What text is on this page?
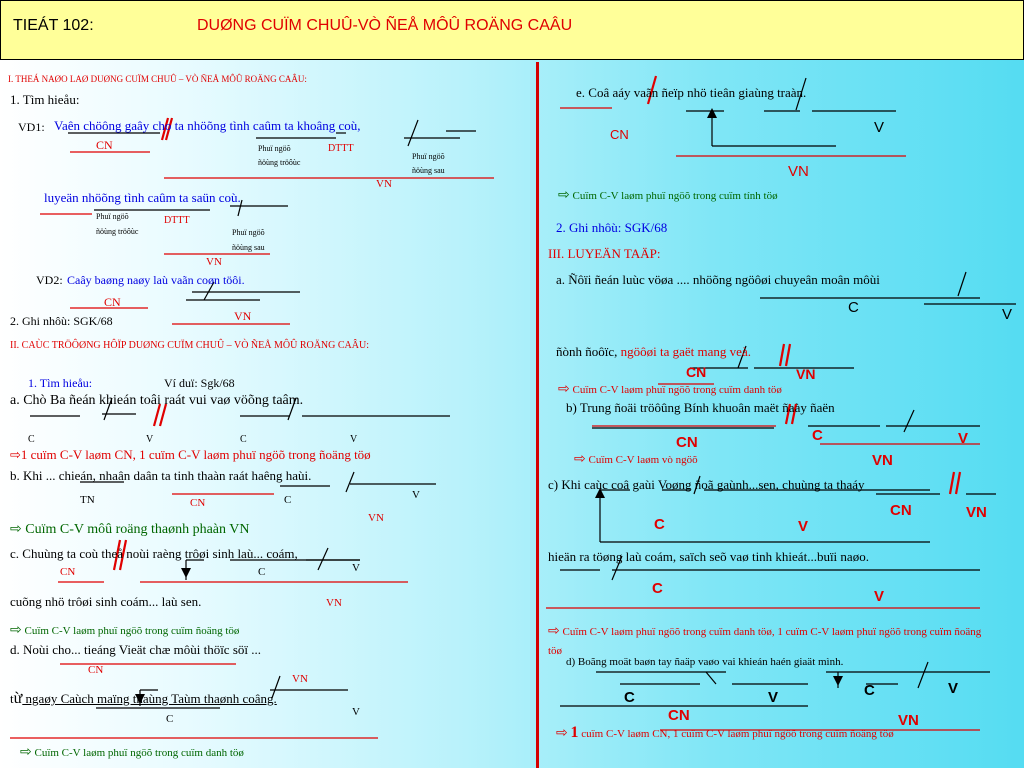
TIEÁT 102:	DUØNG CUÏM CHUÛ-VÒ ÑEÅ MÔÛ ROÄNG CAÂU
I. THEÁ NAØO LAØ DUØNG CUÏM CHUÛ – VÒ ÑEÅ MÔÛ ROÄNG CAÂU:
1. Tìm hieåu:
VD1: Vaên chöông gaây cho ta nhöõng tình caûm ta khoâng coù,
CN	Phuï ngöõ
ñöùng tröôùc
DTTT
Phuï ngöõ
ñöùng sau
VN
luyeän nhöõng tình caûm ta saün coù.
Phuï ngöõ
ñöùng tröôùc
DTTT
Phuï ngöõ
ñöùng sau
VN
VD2: Caây baøng naøy laù vaãn coøn töôi.
CN
VN
2. Ghi nhôù: SGK/68
II. CAÙC TRÖÔØNG HÔÏP DUØNG CUÏM CHUÛ – VÒ ÑEÅ MÔÛ ROÄNG CAÂU:
1. Tìm hieåu:	Ví duï: Sgk/68
a. Chò Ba ñeán khieán toâi raát vui vaø vöõng taâm.
C	V	C	V
⇨1 cuïm C-V laøm CN, 1 cuïm C-V laøm phuï ngöõ trong ñoäng töø
b. Khi ... chieán, nhaân daân ta tinh thaàn raát haêng haùi.
TN	CN	C	V
VN
⇨ Cuïm C-V môû roäng thaønh phaàn VN
c. Chuùng ta coù theå noùi raèng trôøi sinh laù... coám,
CN	C	V
cuõng nhö trôøi sinh coám... laù sen.	VN
⇨ Cuïm C-V laøm phuï ngöõ trong cuïm ñoäng töø
d. Noùi cho... tieáng Vieät chæ môùi thöïc söï ...
CN
VN
từ ngaøy Caùch maïng thaùng Taùm thaønh coâng.
C
V
⇨ Cuïm C-V laøm phuï ngöõ trong cuïm danh töø
e. Coâ aáy vaãn ñeïp nhö tieân giaùng traàn.
CN	V
VN
⇨ Cuïm C-V laøm phuï ngöõ trong cuïm tính töø
2. Ghi nhôù: SGK/68
III. LUYEÄN TAÄP:
a. Ñôïi ñeán luùc vöøa .... nhöõng ngöôøi chuyeân moân môùi
C	V
ñònh ñoôïc, ngöôøi ta gaët mang veà.
CN	VN
⇨ Cuïm C-V laøm phuï ngöõ trong cuïm danh töø
b) Trung ñoäi tröôûng Bính khuoân maët ñaày ñaën
CN	C	V
VN
⇨ Cuïm C-V laøm vò ngöõ
c) Khi caùc coâ gaùi Voøng ñoã gaùnh...sen, chuùng ta thaáy
C	V
CN	VN
hieän ra töøng laù coám, saïch seõ vaø tinh khieát...buïi naøo.
C	V
⇨ Cuïm C-V laøm phuï ngöõ trong cuïm danh töø, 1 cuïm C-V laøm phuï ngöõ trong cuïm ñoäng töø
d) Boãng moät baøn tay ñaäp vaøo vai khieán haén giaät mình.
C	V	C	V
CN	VN
⇨ 1 cuïm C-V laøm CN, 1 cuïm C-V laøm phuï ngöõ trong cuïm ñoäng töø
